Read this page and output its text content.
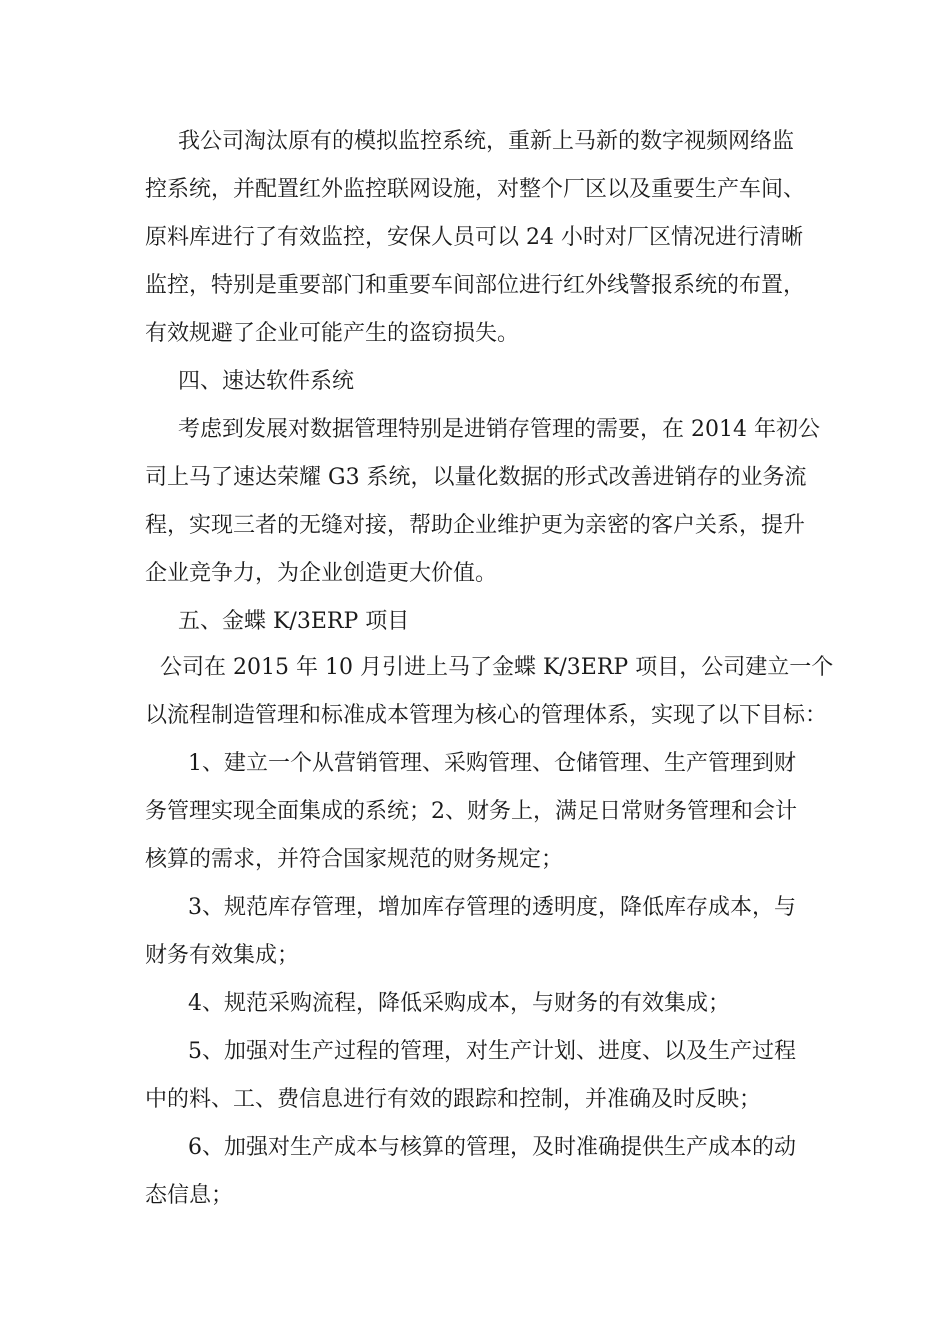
我公司淘汰原有的模拟监控系统，重新上马新的数字视频网络监

控系统，并配置红外监控联网设施，对整个厂区以及重要生产车间、

原料库进行了有效监控，安保人员可以 24 小时对厂区情况进行清晰

监控，特别是重要部门和重要车间部位进行红外线警报系统的布置，

有效规避了企业可能产生的盗窃损失。

四、速达软件系统

考虑到发展对数据管理特别是进销存管理的需要，在 2014 年初公

司上马了速达荣耀 G3 系统，以量化数据的形式改善进销存的业务流

程，实现三者的无缝对接，帮助企业维护更为亲密的客户关系，提升

企业竞争力，为企业创造更大价值。

五、金蝶 K/3ERP 项目

公司在 2015 年 10 月引进上马了金蝶 K/3ERP 项目，公司建立一个

以流程制造管理和标准成本管理为核心的管理体系，实现了以下目标：

1、建立一个从营销管理、采购管理、仓储管理、生产管理到财

务管理实现全面集成的系统；2、财务上，满足日常财务管理和会计

核算的需求，并符合国家规范的财务规定；

3、规范库存管理，增加库存管理的透明度，降低库存成本，与

财务有效集成；

4、规范采购流程，降低采购成本，与财务的有效集成；

5、加强对生产过程的管理，对生产计划、进度、以及生产过程

中的料、工、费信息进行有效的跟踪和控制，并准确及时反映；

6、加强对生产成本与核算的管理，及时准确提供生产成本的动

态信息；
